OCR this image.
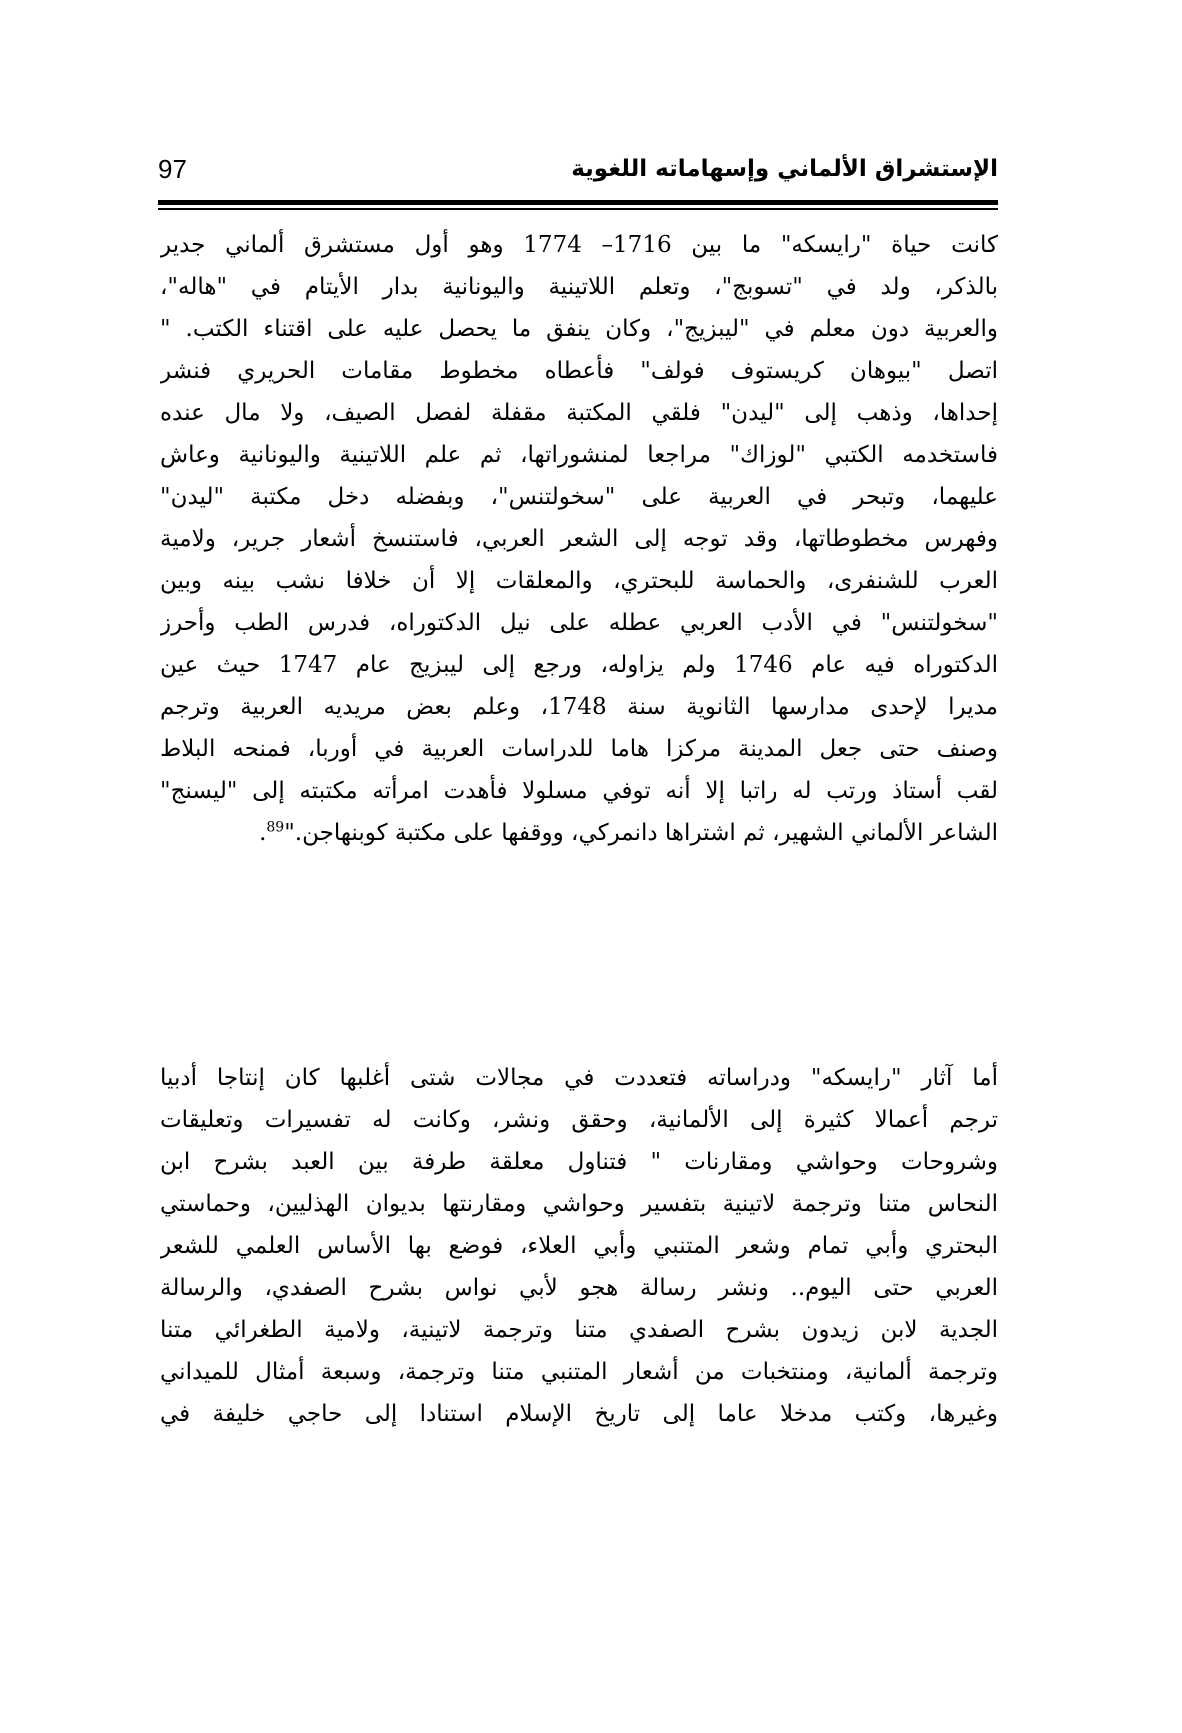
الإستشراق الألماني وإسهاماته اللغوية
97
كانت حياة "رايسكه" ما بين 1716– 1774 وهو أول مستشرق ألماني جدير
بالذكر، ولد في "تسوبج"، وتعلم اللاتينية واليونانية بدار الأيتام في "هاله"،
والعربية دون معلم في "ليبزيج"، وكان ينفق ما يحصل عليه على اقتناء الكتب. "
اتصل "بيوهان كريستوف فولف" فأعطاه مخطوط مقامات الحريري فنشر
إحداها، وذهب إلى "ليدن" فلقي المكتبة مقفلة لفصل الصيف، ولا مال عنده
فاستخدمه الكتبي "لوزاك" مراجعا لمنشوراتها، ثم علم اللاتينية واليونانية وعاش
عليهما، وتبحر في العربية على "سخولتنس"، وبفضله دخل مكتبة "ليدن"
وفهرس مخطوطاتها، وقد توجه إلى الشعر العربي، فاستنسخ أشعار جرير، ولامية
العرب للشنفرى، والحماسة للبحتري، والمعلقات إلا أن خلافا نشب بينه وبين
"سخولتنس" في الأدب العربي عطله على نيل الدكتوراه، فدرس الطب وأحرز
الدكتوراه فيه عام 1746 ولم يزاوله، ورجع إلى ليبزيج عام 1747 حيث عين
مديرا لإحدى مدارسها الثانوية سنة 1748، وعلم بعض مريديه العربية وترجم
وصنف حتى جعل المدينة مركزا هاما للدراسات العربية في أوربا، فمنحه البلاط
لقب أستاذ ورتب له راتبا إلا أنه توفي مسلولا فأهدت امرأته مكتبته إلى "ليسنج"
الشاعر الألماني الشهير، ثم اشتراها دانمركي، ووقفها على مكتبة كوبنهاجن."$^{89}$.
أما آثار "رايسكه" ودراساته فتعددت في مجالات شتى أغلبها كان إنتاجا أدبيا
ترجم أعمالا كثيرة إلى الألمانية، وحقق ونشر، وكانت له تفسيرات وتعليقات
وشروحات وحواشي ومقارنات " فتناول معلقة طرفة بين العبد بشرح ابن
النحاس متنا وترجمة لاتينية بتفسير وحواشي ومقارنتها بديوان الهذليين، وحماستي
البحتري وأبي تمام وشعر المتنبي وأبي العلاء، فوضع بها الأساس العلمي للشعر
العربي حتى اليوم.. ونشر رسالة هجو لأبي نواس بشرح الصفدي، والرسالة
الجدية لابن زيدون بشرح الصفدي متنا وترجمة لاتينية، ولامية الطغرائي متنا
وترجمة ألمانية، ومنتخبات من أشعار المتنبي متنا وترجمة، وسبعة أمثال للميداني
وغيرها، وكتب مدخلا عاما إلى تاريخ الإسلام استنادا إلى حاجي خليفة في
